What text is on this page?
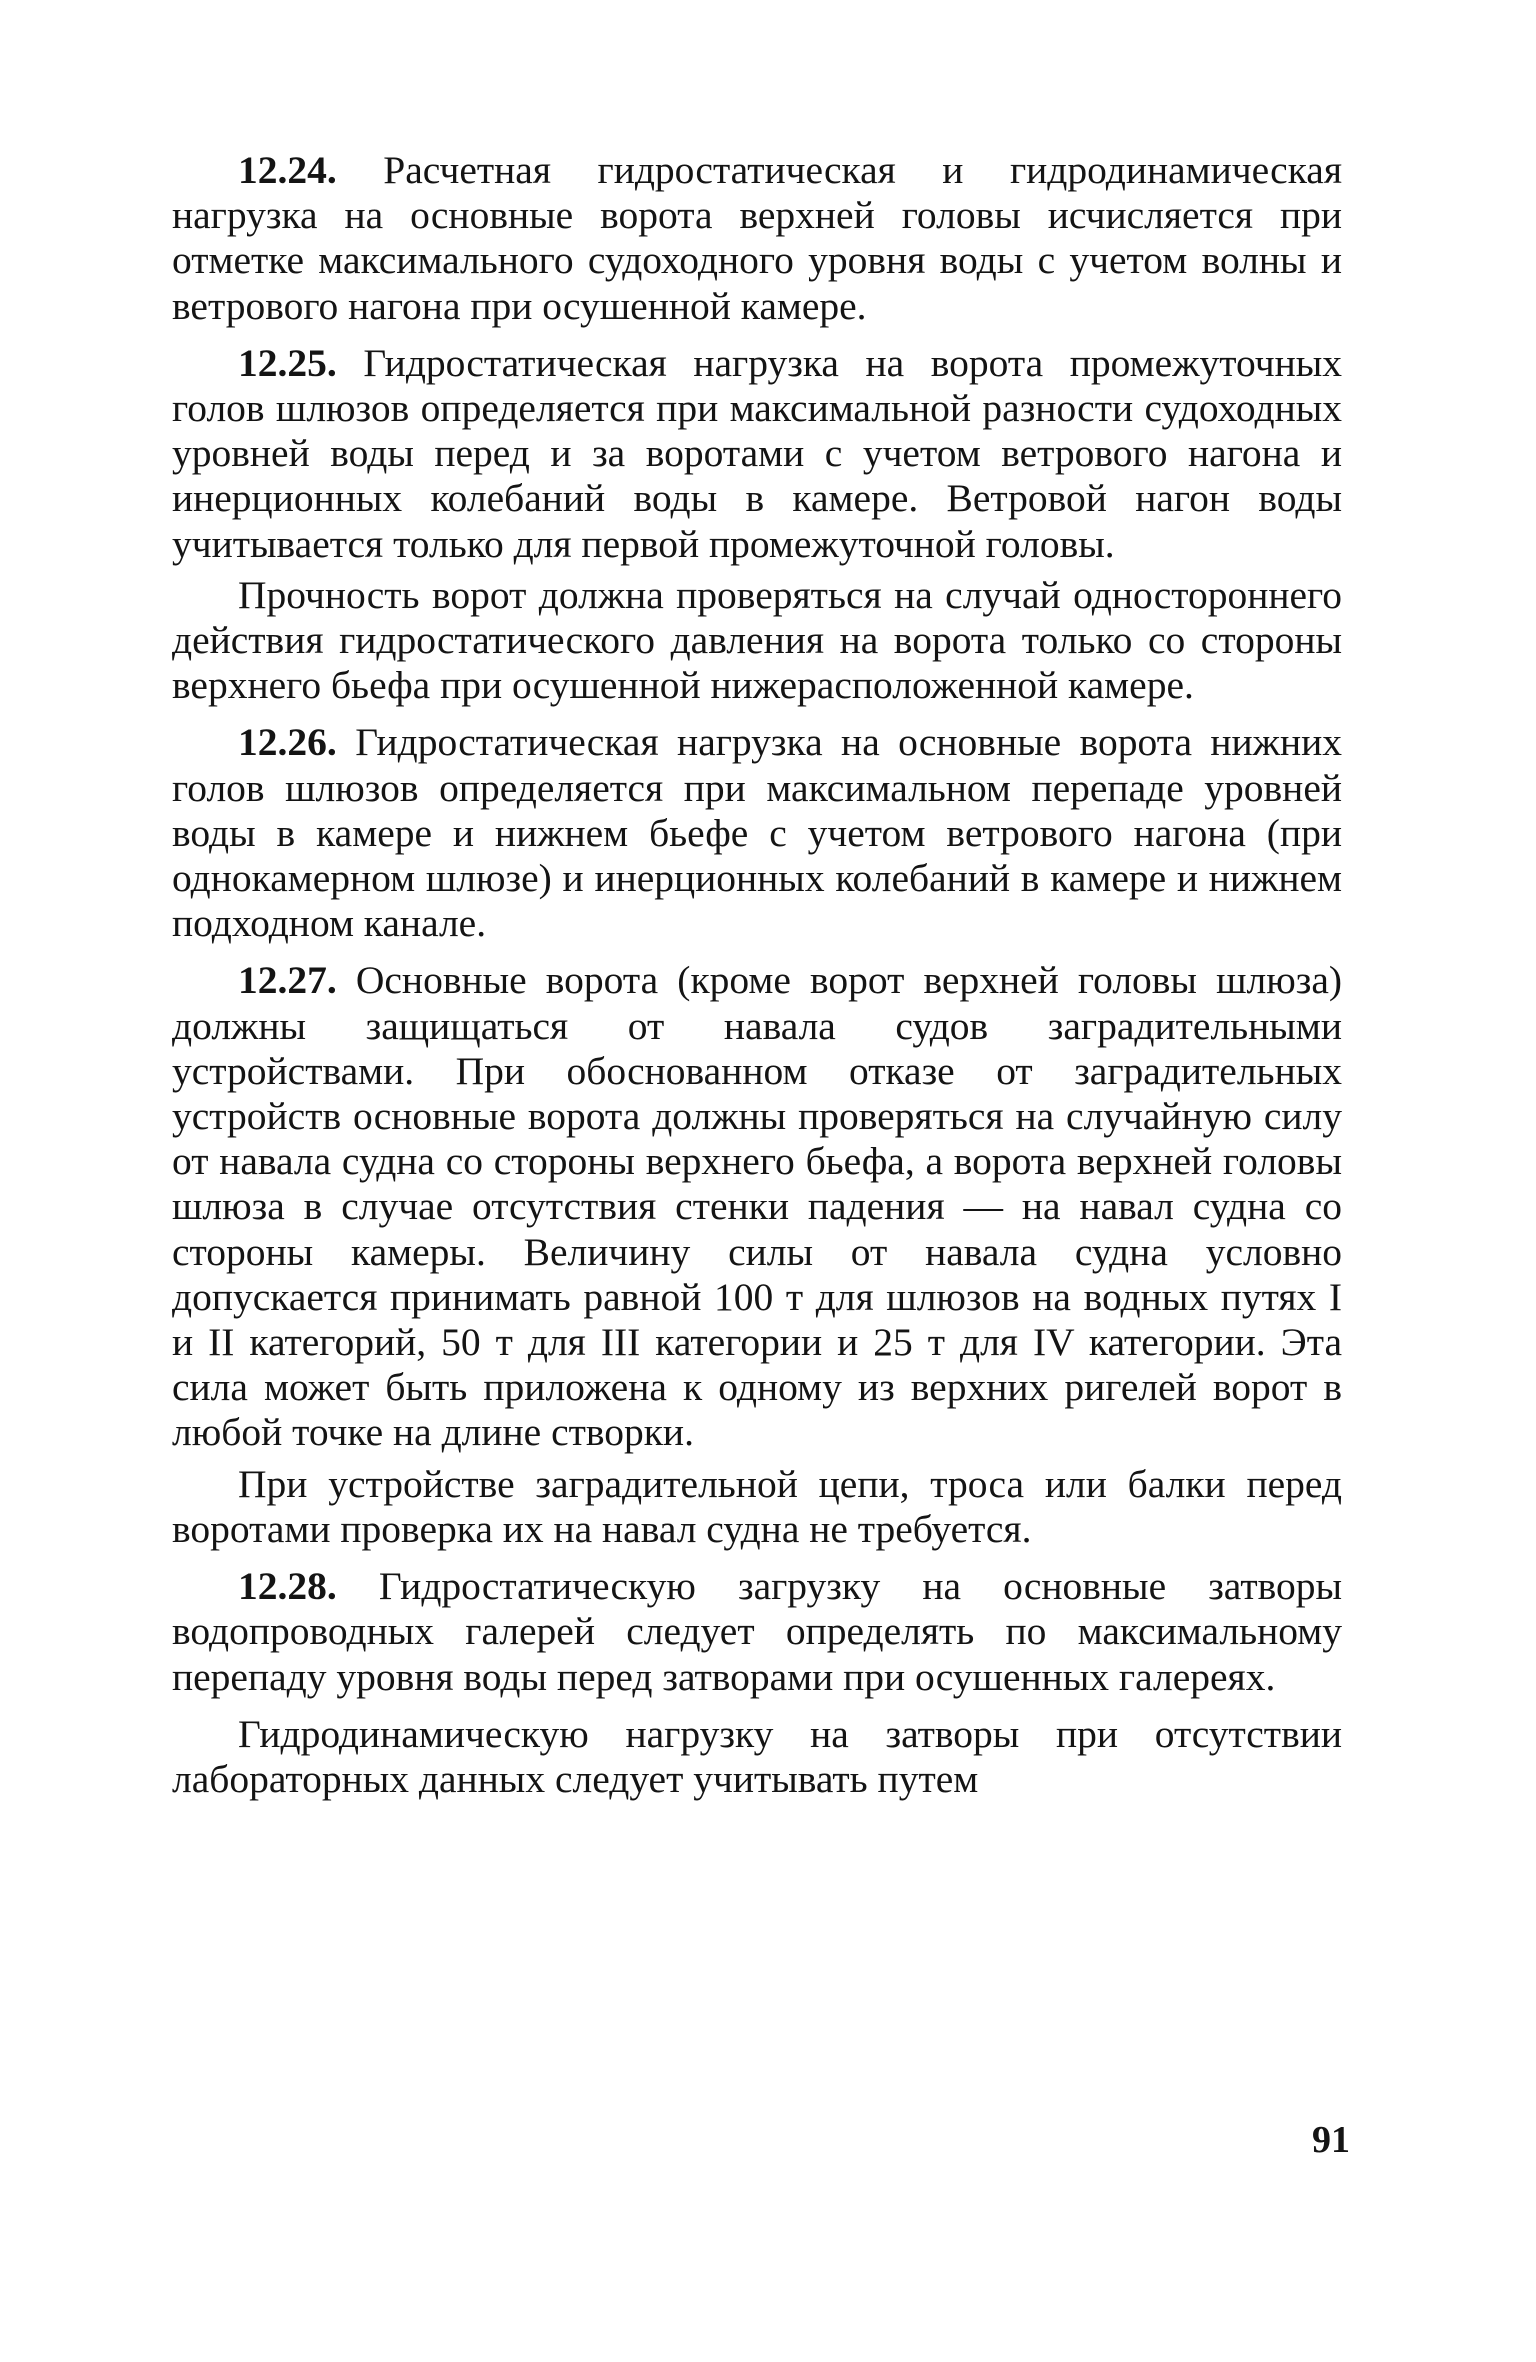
12.24. Расчетная гидростатическая и гидродинамическая нагрузка на основные ворота верхней головы исчисляется при отметке максимального судоходного уровня воды с учетом волны и ветрового нагона при осушенной камере.

12.25. Гидростатическая нагрузка на ворота промежуточных голов шлюзов определяется при максимальной разности судоходных уровней воды перед и за воротами с учетом ветрового нагона и инерционных колебаний воды в камере. Ветровой нагон воды учитывается только для первой промежуточной головы.

Прочность ворот должна проверяться на случай одностороннего действия гидростатического давления на ворота только со стороны верхнего бьефа при осушенной нижерасположенной камере.

12.26. Гидростатическая нагрузка на основные ворота нижних голов шлюзов определяется при максимальном перепаде уровней воды в камере и нижнем бьефе с учетом ветрового нагона (при однокамерном шлюзе) и инерционных колебаний в камере и нижнем подходном канале.

12.27. Основные ворота (кроме ворот верхней головы шлюза) должны защищаться от навала судов заградительными устройствами. При обоснованном отказе от заградительных устройств основные ворота должны проверяться на случайную силу от навала судна со стороны верхнего бьефа, а ворота верхней головы шлюза в случае отсутствия стенки падения — на навал судна со стороны камеры. Величину силы от навала судна условно допускается принимать равной 100 т для шлюзов на водных путях I и II категорий, 50 т для III категории и 25 т для IV категории. Эта сила может быть приложена к одному из верхних ригелей ворот в любой точке на длине створки.

При устройстве заградительной цепи, троса или балки перед воротами проверка их на навал судна не требуется.

12.28. Гидростатическую загрузку на основные затворы водопроводных галерей следует определять по максимальному перепаду уровня воды перед затворами при осушенных галереях.

Гидродинамическую нагрузку на затворы при отсутствии лабораторных данных следует учитывать путем

91
